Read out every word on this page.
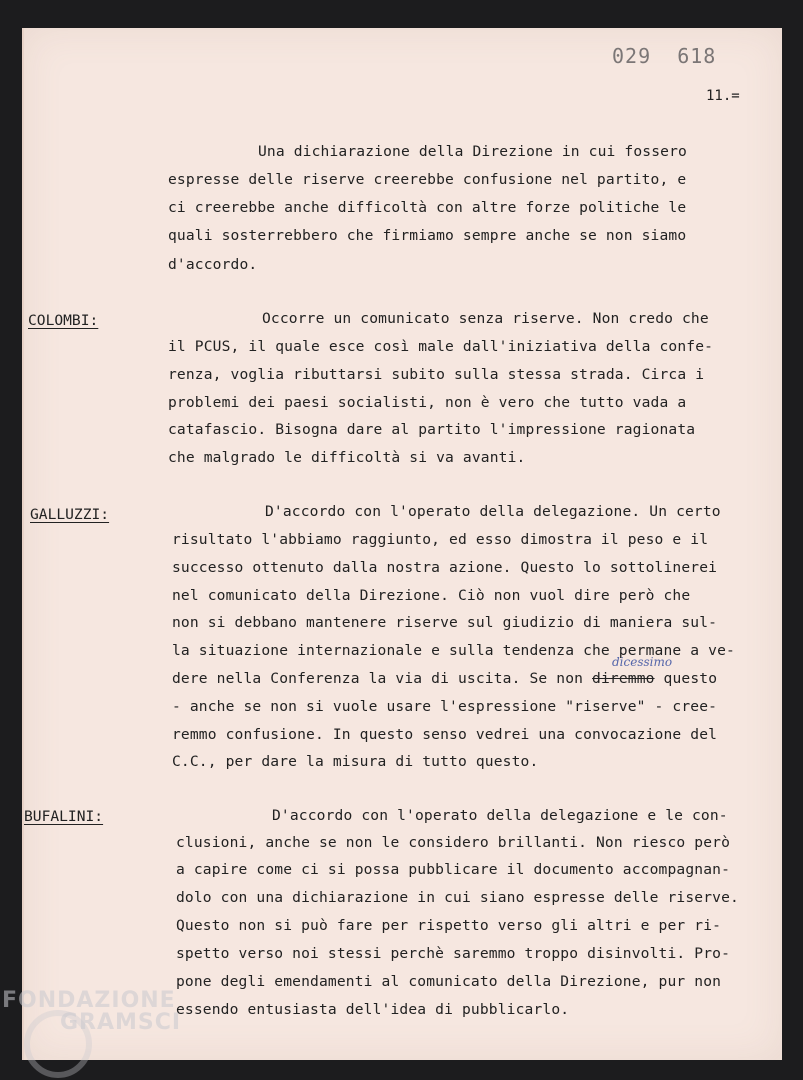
029  618
11.=
Una dichiarazione della Direzione in cui fossero
espresse delle riserve creerebbe confusione nel partito, e
ci creerebbe anche difficoltà con altre forze politiche le
quali sosterrebbero che firmiamo sempre anche se non siamo
d'accordo.
COLOMBI:	Occorre un comunicato senza riserve. Non credo che
il PCUS, il quale esce così male dall'iniziativa della confe-
renza, voglia ributtarsi subito sulla stessa strada. Circa i
problemi dei paesi socialisti, non è vero che tutto vada a
catafascio. Bisogna dare al partito l'impressione ragionata
che malgrado le difficoltà si va avanti.
GALLUZZI:	D'accordo con l'operato della delegazione. Un certo
risultato l'abbiamo raggiunto, ed esso dimostra il peso e il
successo ottenuto dalla nostra azione. Questo lo sottolinerei
nel comunicato della Direzione. Ciò non vuol dire però che
non si debbano mantenere riserve sul giudizio di maniera sul-
la situazione internazionale e sulla tendenza che permane a ve-
dere nella Conferenza la via di uscita. Se non diremmo questo
dicessimo
- anche se non si vuole usare l'espressione "riserve" - cree-
remmo confusione. In questo senso vedrei una convocazione del
C.C., per dare la misura di tutto questo.
BUFALINI:	D'accordo con l'operato della delegazione e le con-
clusioni, anche se non le considero brillanti. Non riesco però
a capire come ci si possa pubblicare il documento accompagnan-
dolo con una dichiarazione in cui siano espresse delle riserve.
Questo non si può fare per rispetto verso gli altri e per ri-
spetto verso noi stessi perchè saremmo troppo disinvolti. Pro-
pone degli emendamenti al comunicato della Direzione, pur non
essendo entusiasta dell'idea di pubblicarlo.
FONDAZIONE
GRAMSCI
